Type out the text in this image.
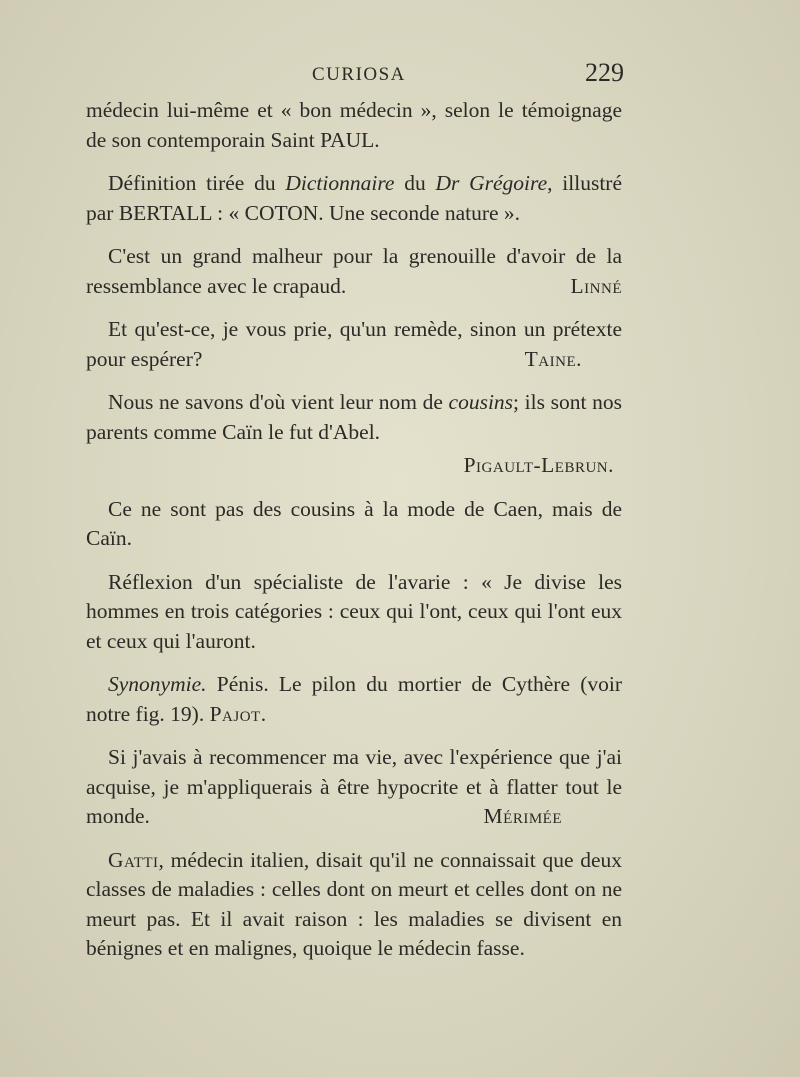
CURIOSA	229

médecin lui-même et « bon médecin », selon le témoignage de son contemporain Saint PAUL.

Définition tirée du Dictionnaire du Dr Grégoire, illustré par BERTALL : « COTON. Une seconde nature ».

C'est un grand malheur pour la grenouille d'avoir de la ressemblance avec le crapaud.	Linné

Et qu'est-ce, je vous prie, qu'un remède, sinon un prétexte pour espérer?	Taine.

Nous ne savons d'où vient leur nom de cousins; ils sont nos parents comme Caïn le fut d'Abel.

Pigault-Lebrun.

Ce ne sont pas des cousins à la mode de Caen, mais de Caïn.

Réflexion d'un spécialiste de l'avarie : « Je divise les hommes en trois catégories : ceux qui l'ont, ceux qui l'ont eux et ceux qui l'auront.

Synonymie. Pénis. Le pilon du mortier de Cythère (voir notre fig. 19). Pajot.

Si j'avais à recommencer ma vie, avec l'expérience que j'ai acquise, je m'appliquerais à être hypocrite et à flatter tout le monde.	Mérimée

Gatti, médecin italien, disait qu'il ne connaissait que deux classes de maladies : celles dont on meurt et celles dont on ne meurt pas. Et il avait raison : les maladies se divisent en bénignes et en malignes, quoique le médecin fasse.
